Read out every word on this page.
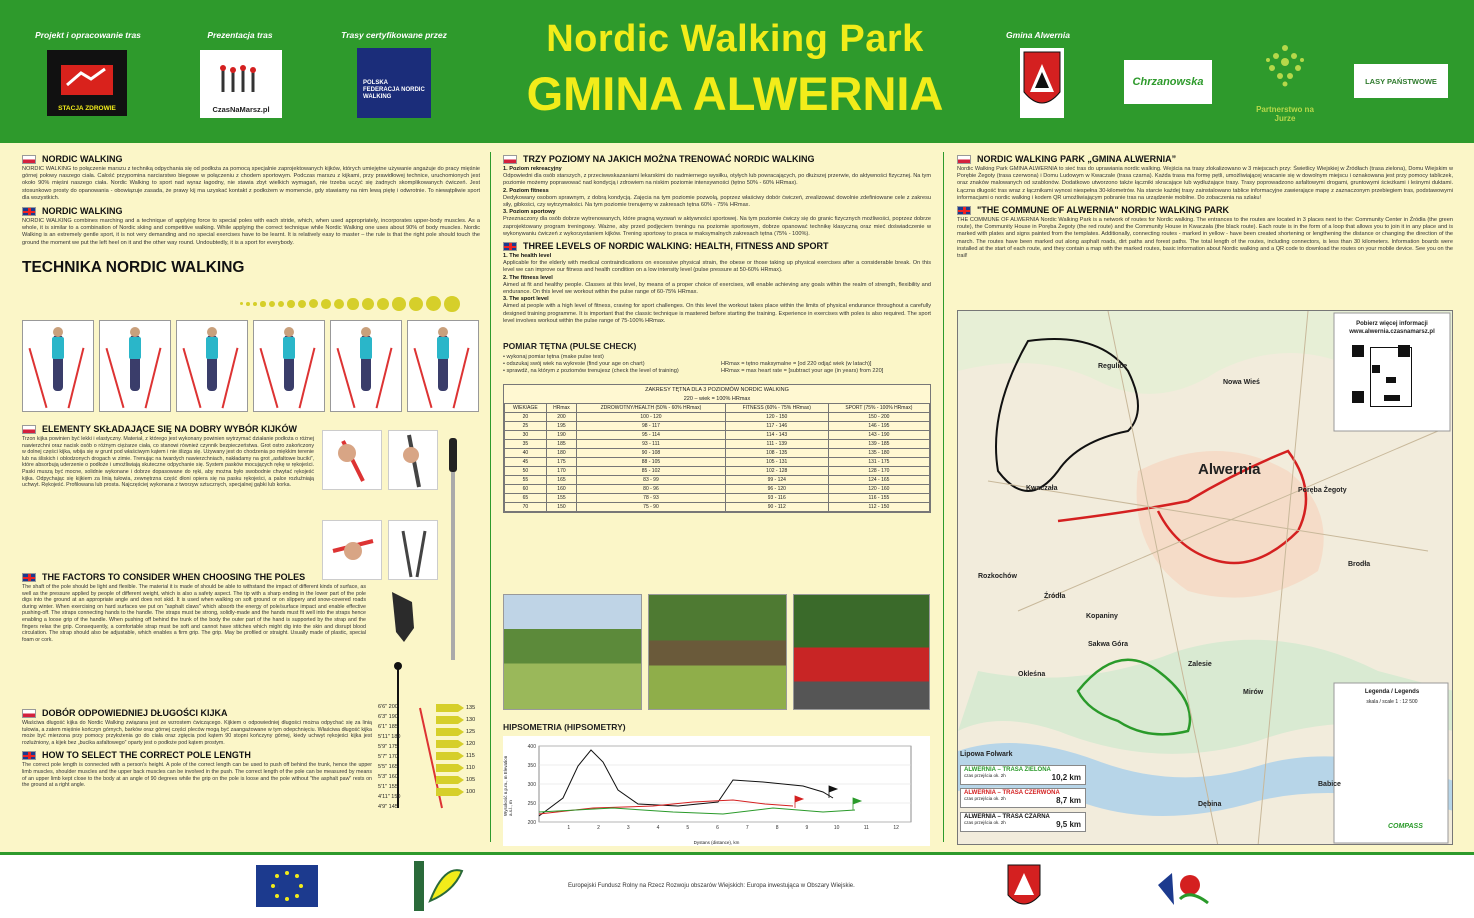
Projekt i opracowanie tras	Prezentacja tras	Trasy certyfikowane przez	Gmina Alwernia
STACJA ZDROWIE	CzasNaMarsz.pl
POLSKA FEDERACJA NORDIC WALKING
Nordic Walking Park
GMINA ALWERNIA	Chrzanowska
Partnerstwo na Jurze
LASY PAŃSTWOWE
NORDIC WALKING
NORDIC WALKING to połączenie marszu z techniką odpychania się od podłoża za pomocą specjalnie zaprojektowanych kijków, których umiejętne używanie angażuje do pracy mięśnie górnej połowy naszego ciała. Całość przypomina narciarstwo biegowe w połączeniu z chodem sportowym. Podczas marszu z kijkami, przy prawidłowej technice, uruchomionych jest około 90% mięśni naszego ciała. Nordic Walking to sport nad wyraz łagodny, nie stawia zbyt wielkich wymagań, nie trzeba uczyć się żadnych skomplikowanych ćwiczeń. Jest stosunkowo prosty do opanowania - obowiązuje zasada, że prawy kij ma uzyskać kontakt z podłożem w momencie, gdy stawiamy na nim lewą piętę i odwrotnie. To niewątpliwie sport dla wszystkich.
NORDIC WALKING
NORDIC WALKING combines marching and a technique of applying force to special poles with each stride, which, when used appropriately, incorporates upper-body muscles. As a whole, it is similar to a combination of Nordic skiing and competitive walking. While applying the correct technique while Nordic Walking one uses about 90% of body muscles. Nordic Walking is an extremely gentle sport, it is not very demanding and no special exercises have to be learnt. It is relatively easy to master – the rule is that the right pole should touch the ground the moment we put the left heel on it and the other way round. Undoubtedly, it is a sport for everybody.
TECHNIKA NORDIC WALKING
ELEMENTY SKŁADAJĄCE SIĘ NA DOBRY WYBÓR KIJKÓW
Trzon kijka powinien być lekki i elastyczny. Materiał, z którego jest wykonany powinien wytrzymać działanie podłoża o różnej nawierzchni oraz nacisk osób o różnym ciężarze ciała, co stanowi również czynnik bezpieczeństwa. Grot ostro zakończony w dolnej części kijka, wbija się w grunt pod właściwym kątem i nie ślizga się. Używany jest do chodzenia po miękkim terenie lub na śliskich i oblodzonych drogach w zimie. Trenując na twardych nawierzchniach, nakładamy na grot „asfaltowe buciki”, które absorbują uderzenie o podłoże i umożliwiają skuteczne odpychanie się. System pasków mocujących rękę w rękojeści. Paski muszą być mocne, solidnie wykonane i dobrze dopasowane do ręki, aby można było swobodnie chwytać rękojeść kijka. Odpychając się kijkiem za linią tułowia, zewnętrzna część dłoni opiera się na pasku rękojeści, a palce rozluźniają uchwyt. Rękojeść. Profilowana lub prosta. Najczęściej wykonana z tworzyw sztucznych, specjalnej gąbki lub korka.
THE FACTORS TO CONSIDER WHEN CHOOSING THE POLES
The shaft of the pole should be light and flexible. The material it is made of should be able to withstand the impact of different kinds of surface, as well as the pressure applied by people of different weight, which is also a safety aspect. The tip with a sharp ending in the lower part of the pole digs into the ground at an appropriate angle and does not skid. It is used when walking on soft ground or on slippery and snow-covered roads during winter. When exercising on hard surfaces we put on "asphalt claws" which absorb the energy of pole/surface impact and enable effective pushing-off. The straps connecting hands to the handle. The straps must be strong, solidly-made and the hands must fit well into the straps hence enabling a loose grip of the handle. When pushing off behind the trunk of the body the outer part of the hand is supported by the strap and the fingers relax the grip. Consequently, a comfortable strap must be soft and cannot have stitches which might dig into the skin and disrupt blood circulation. The strap should also be adjustable, which enables a firm grip. The grip. May be profiled or straight. Usually made of plastic, special foam or cork.
6'6" 200
6'3" 190
6'1" 185
5'11" 180
5'9" 175
5'7" 170
5'5" 165
5'3" 160
5'1" 155
4'11" 150
4'9" 145
135
130
125
120
115
110
105
100
DOBÓR ODPOWIEDNIEJ DŁUGOŚCI KIJKA
Właściwa długość kijka do Nordic Walking związana jest ze wzrostem ćwiczącego. Kijkiem o odpowiedniej długości można odpychać się za linią tułowia, a zatem mięśnie kończyn górnych, barków oraz górnej części pleców mogą być zaangażowane w tym odepchnięciu. Właściwa długość kijka może być mierzona przy pomocy przyłożenia go do ciała oraz zgięcia pod kątem 90 stopni kończyny górnej, kiedy uchwyt rękojeści kijka jest rozluźniony, a kijek bez „bucika asfaltowego” oparty jest o podłoże pod kątem prostym.
HOW TO SELECT THE CORRECT POLE LENGTH
The correct pole length is connected with a person's height. A pole of the correct length can be used to push off behind the trunk, hence the upper limb muscles, shoulder muscles and the upper back muscles can be involved in the push. The correct length of the pole can be measured by means of an upper limb kept close to the body at an angle of 90 degrees while the grip on the pole is loose and the pole without "the asphalt paw" rests on the ground at a right angle.
TRZY POZIOMY NA JAKICH MOŻNA TRENOWAĆ NORDIC WALKING
1. Poziom rekreacyjny
Odpowiedni dla osób starszych, z przeciwwskazaniami lekarskimi do nadmiernego wysiłku, otyłych lub powracających, po dłuższej przerwie, do aktywności fizycznej. Na tym poziomie możemy poprawować nad kondycją i zdrowiem na niskim poziomie intensywności (tętno 50% - 60% HRmax).
2. Poziom fitness
Dedykowany osobom sprawnym, z dobrą kondycją. Zajęcia na tym poziomie pozwolą, poprzez właściwy dobór ćwiczeń, zrealizować dowolnie zdefiniowane cele z zakresu siły, gibkości, czy wytrzymałości. Na tym poziomie trenujemy w zakresach tętna 60% - 75% HRmax.
3. Poziom sportowy
Przeznaczony dla osób dobrze wytrenowanych, które pragną wyzwań w aktywności sportowej. Na tym poziomie ćwiczy się do granic fizycznych możliwości, poprzez dobrze zaprojektowany program treningowy. Ważne, aby przed podjęciem treningu na poziomie sportowym, dobrze opanować technikę klasyczną oraz mieć doświadczenie w wykonywaniu ćwiczeń z wykorzystaniem kijków. Trening sportowy to praca w maksymalnych zakresach tętna (75% - 100%).
THREE LEVELS OF NORDIC WALKING: HEALTH, FITNESS AND SPORT
1. The health level
Applicable for the elderly with medical contraindications on excessive physical strain, the obese or those taking up physical exercises after a considerable break. On this level we can improve our fitness and health condition on a low intensity level (pulse pressure at 50-60% HRmax).
2. The fitness level
Aimed at fit and healthy people. Classes at this level, by means of a proper choice of exercises, will enable achieving any goals within the realm of strength, flexibility and endurance. On this level we workout within the pulse range of 60-75% HRmax.
3. The sport level
Aimed at people with a high level of fitness, craving for sport challenges. On this level the workout takes place within the limits of physical endurance throughout a carefully designed training programme. It is important that the classic technique is mastered before starting the training. Experience in exercises with poles is also required. The sport level involves workout within the pulse range of 75-100% HRmax.
POMIAR TĘTNA (PULSE CHECK)
• wykonaj pomiar tętna (make pulse test)
• odszukaj swój wiek na wykresie (find your age on chart)
• sprawdź, na którym z poziomów trenujesz (check the level of training)
HRmax = tętno maksymalne = [od 220 odjąć wiek (w latach)]
HRmax = max heart rate = [subtract your age (in years) from 220]
ZAKRESY TĘTNA DLA 3 POZIOMÓW NORDIC WALKING
220 – wiek = 100% HRmax
WIEK/AGE	HRmax	ZDROWOTNY/HEALTH (50% - 60% HRmax)	FITNESS (60% - 75% HRmax)	SPORT (75% - 100% HRmax)
20	200	100 - 120	120 - 150	150 - 200
25	195	98 - 117	117 - 146	146 - 195
30	190	95 - 114	114 - 143	143 - 190
35	185	93 - 111	111 - 139	139 - 185
40	180	90 - 108	108 - 135	135 - 180
45	175	88 - 105	105 - 131	131 - 175
50	170	85 - 102	102 - 128	128 - 170
55	165	83 - 99	99 - 124	124 - 165
60	160	80 - 96	96 - 120	120 - 160
65	155	78 - 93	93 - 116	116 - 155
70	150	75 - 90	90 - 112	112 - 150
HIPSOMETRIA (HIPSOMETRY)
400
350
300
250
200
1	2	3	4	5	6	7	8	9	10	11	12
Wysokość n.p.m., m Elevation a.s.l., m
Dystans (distance), km
NORDIC WALKING PARK „GMINA ALWERNIA”
Nordic Walking Park GMINA ALWERNIA to sieć tras do uprawiania nordic walking. Wejścia na trasy zlokalizowano w 3 miejscach przy: Świetlicy Wiejskiej w Źródłach (trasa zielona), Domu Wiejskim w Porębie Żegoty (trasa czerwona) i Domu Ludowym w Kwaczale (trasa czarna). Każda trasa ma formę pętli, umożliwiającej wracanie się w dowolnym miejscu i oznakowana jest przy pomocy tabliczek, oraz znaków malowanych od szablonów. Dodatkowo utworzono także łączniki skracające lub wydłużające trasy. Trasy poprowadzono asfaltowymi drogami, gruntowymi ścieżkami i leśnymi duktami. Łączna długość tras wraz z łącznikami wynosi niespełna 30-kilometrów. Na starcie każdej trasy zainstalowano tablice informacyjne zawierające mapę z zaznaczonym przebiegiem tras, podstawowymi informacjami o nordic walking i kodem QR umożliwiającym pobranie tras na urządzenie mobilne. Do zobaczenia na szlaku!
"THE COMMUNE OF ALWERNIA" NORDIC WALKING PARK
THE COMMUNE OF ALWERNIA Nordic Walking Park is a network of routes for Nordic walking. The entrances to the routes are located in 3 places next to the: Community Center in Źródła (the green route), the Community House in Poręba Żegoty (the red route) and the Community House in Kwaczała (the black route). Each route is in the form of a loop that allows you to join it in any place and is marked with plates and signs painted from the templates. Additionally, connecting routes - marked in yellow - have been created shortening or lengthening the distance or changing the direction of the march. The routes have been marked out along asphalt roads, dirt paths and forest paths. The total length of the routes, including connectors, is less than 30 kilometers. Information boards were installed at the start of each route, and they contain a map with the marked routes, basic information about Nordic walking and a QR code to download the routes on your mobile device. See you on the trail!
Pobierz więcej informacji
www.alwernia.czasnamarsz.pl
Regulice
Nowa Wieś
Alwernia
Kwaczała	Poręba Żegoty
Brodła
Rozkochów
Źródła
Okleśna
Mirów
Dębina
Babice
Lipowa Folwark
Kopaniny
Sakwa Góra
Zalesie
Legenda / Legends
skala / scale 1 : 12 500
COMPASS
ALWERNIA – TRASA ZIELONA
czas przejścia ok. 2h	10,2 km
ALWERNIA – TRASA CZERWONA
czas przejścia ok. 2h	8,7 km
ALWERNIA – TRASA CZARNA
czas przejścia ok. 2h	9,5 km
Europejski Fundusz Rolny na Rzecz Rozwoju obszarów Wiejskich: Europa inwestująca w Obszary Wiejskie.
